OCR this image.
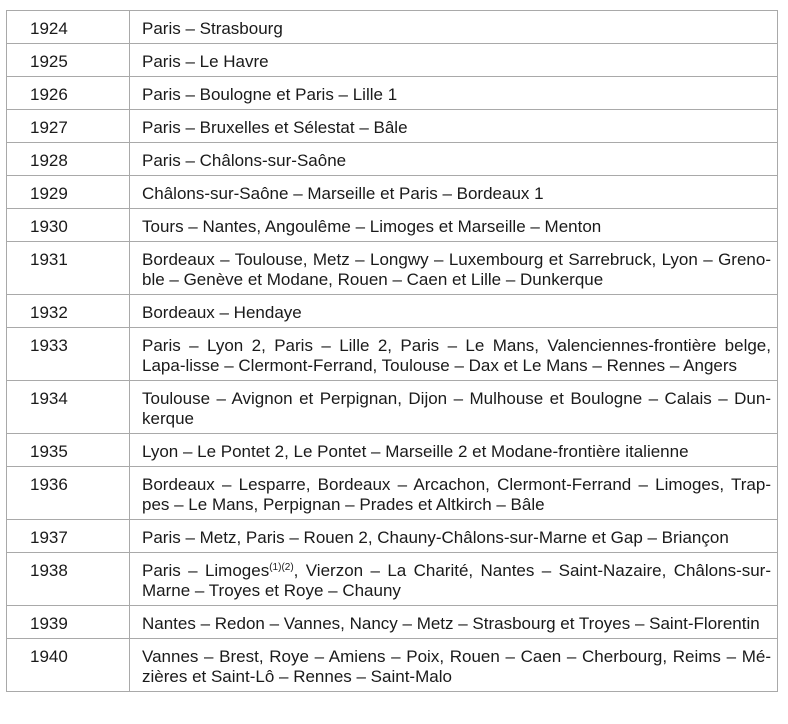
1924	Paris – Strasbourg
1925	Paris – Le Havre
1926	Paris – Boulogne et Paris – Lille 1
1927	Paris – Bruxelles et Sélestat – Bâle
1928	Paris – Châlons-sur-Saône
1929	Châlons-sur-Saône – Marseille et Paris – Bordeaux 1
1930	Tours – Nantes, Angoulême – Limoges et Marseille – Menton
1931	Bordeaux – Toulouse, Metz – Longwy – Luxembourg et Sarrebruck, Lyon – Greno-ble – Genève et Modane, Rouen – Caen et Lille – Dunkerque
1932	Bordeaux – Hendaye
1933	Paris – Lyon 2, Paris – Lille 2, Paris – Le Mans, Valenciennes-frontière belge, Lapa-lisse – Clermont-Ferrand, Toulouse – Dax et Le Mans – Rennes – Angers
1934	Toulouse – Avignon et Perpignan, Dijon – Mulhouse et Boulogne – Calais – Dun-kerque
1935	Lyon – Le Pontet 2, Le Pontet – Marseille 2 et Modane-frontière italienne
1936	Bordeaux – Lesparre, Bordeaux – Arcachon, Clermont-Ferrand – Limoges, Trap-pes – Le Mans, Perpignan – Prades et Altkirch – Bâle
1937	Paris – Metz, Paris – Rouen 2, Chauny-Châlons-sur-Marne et Gap – Briançon
1938	Paris – Limoges$^{(1)(2)}$, Vierzon – La Charité, Nantes – Saint-Nazaire, Châlons-sur-Marne – Troyes et Roye – Chauny
1939	Nantes – Redon – Vannes, Nancy – Metz – Strasbourg et Troyes – Saint-Florentin
1940	Vannes – Brest, Roye – Amiens – Poix, Rouen – Caen – Cherbourg, Reims – Mé-zières et Saint-Lô – Rennes – Saint-Malo
